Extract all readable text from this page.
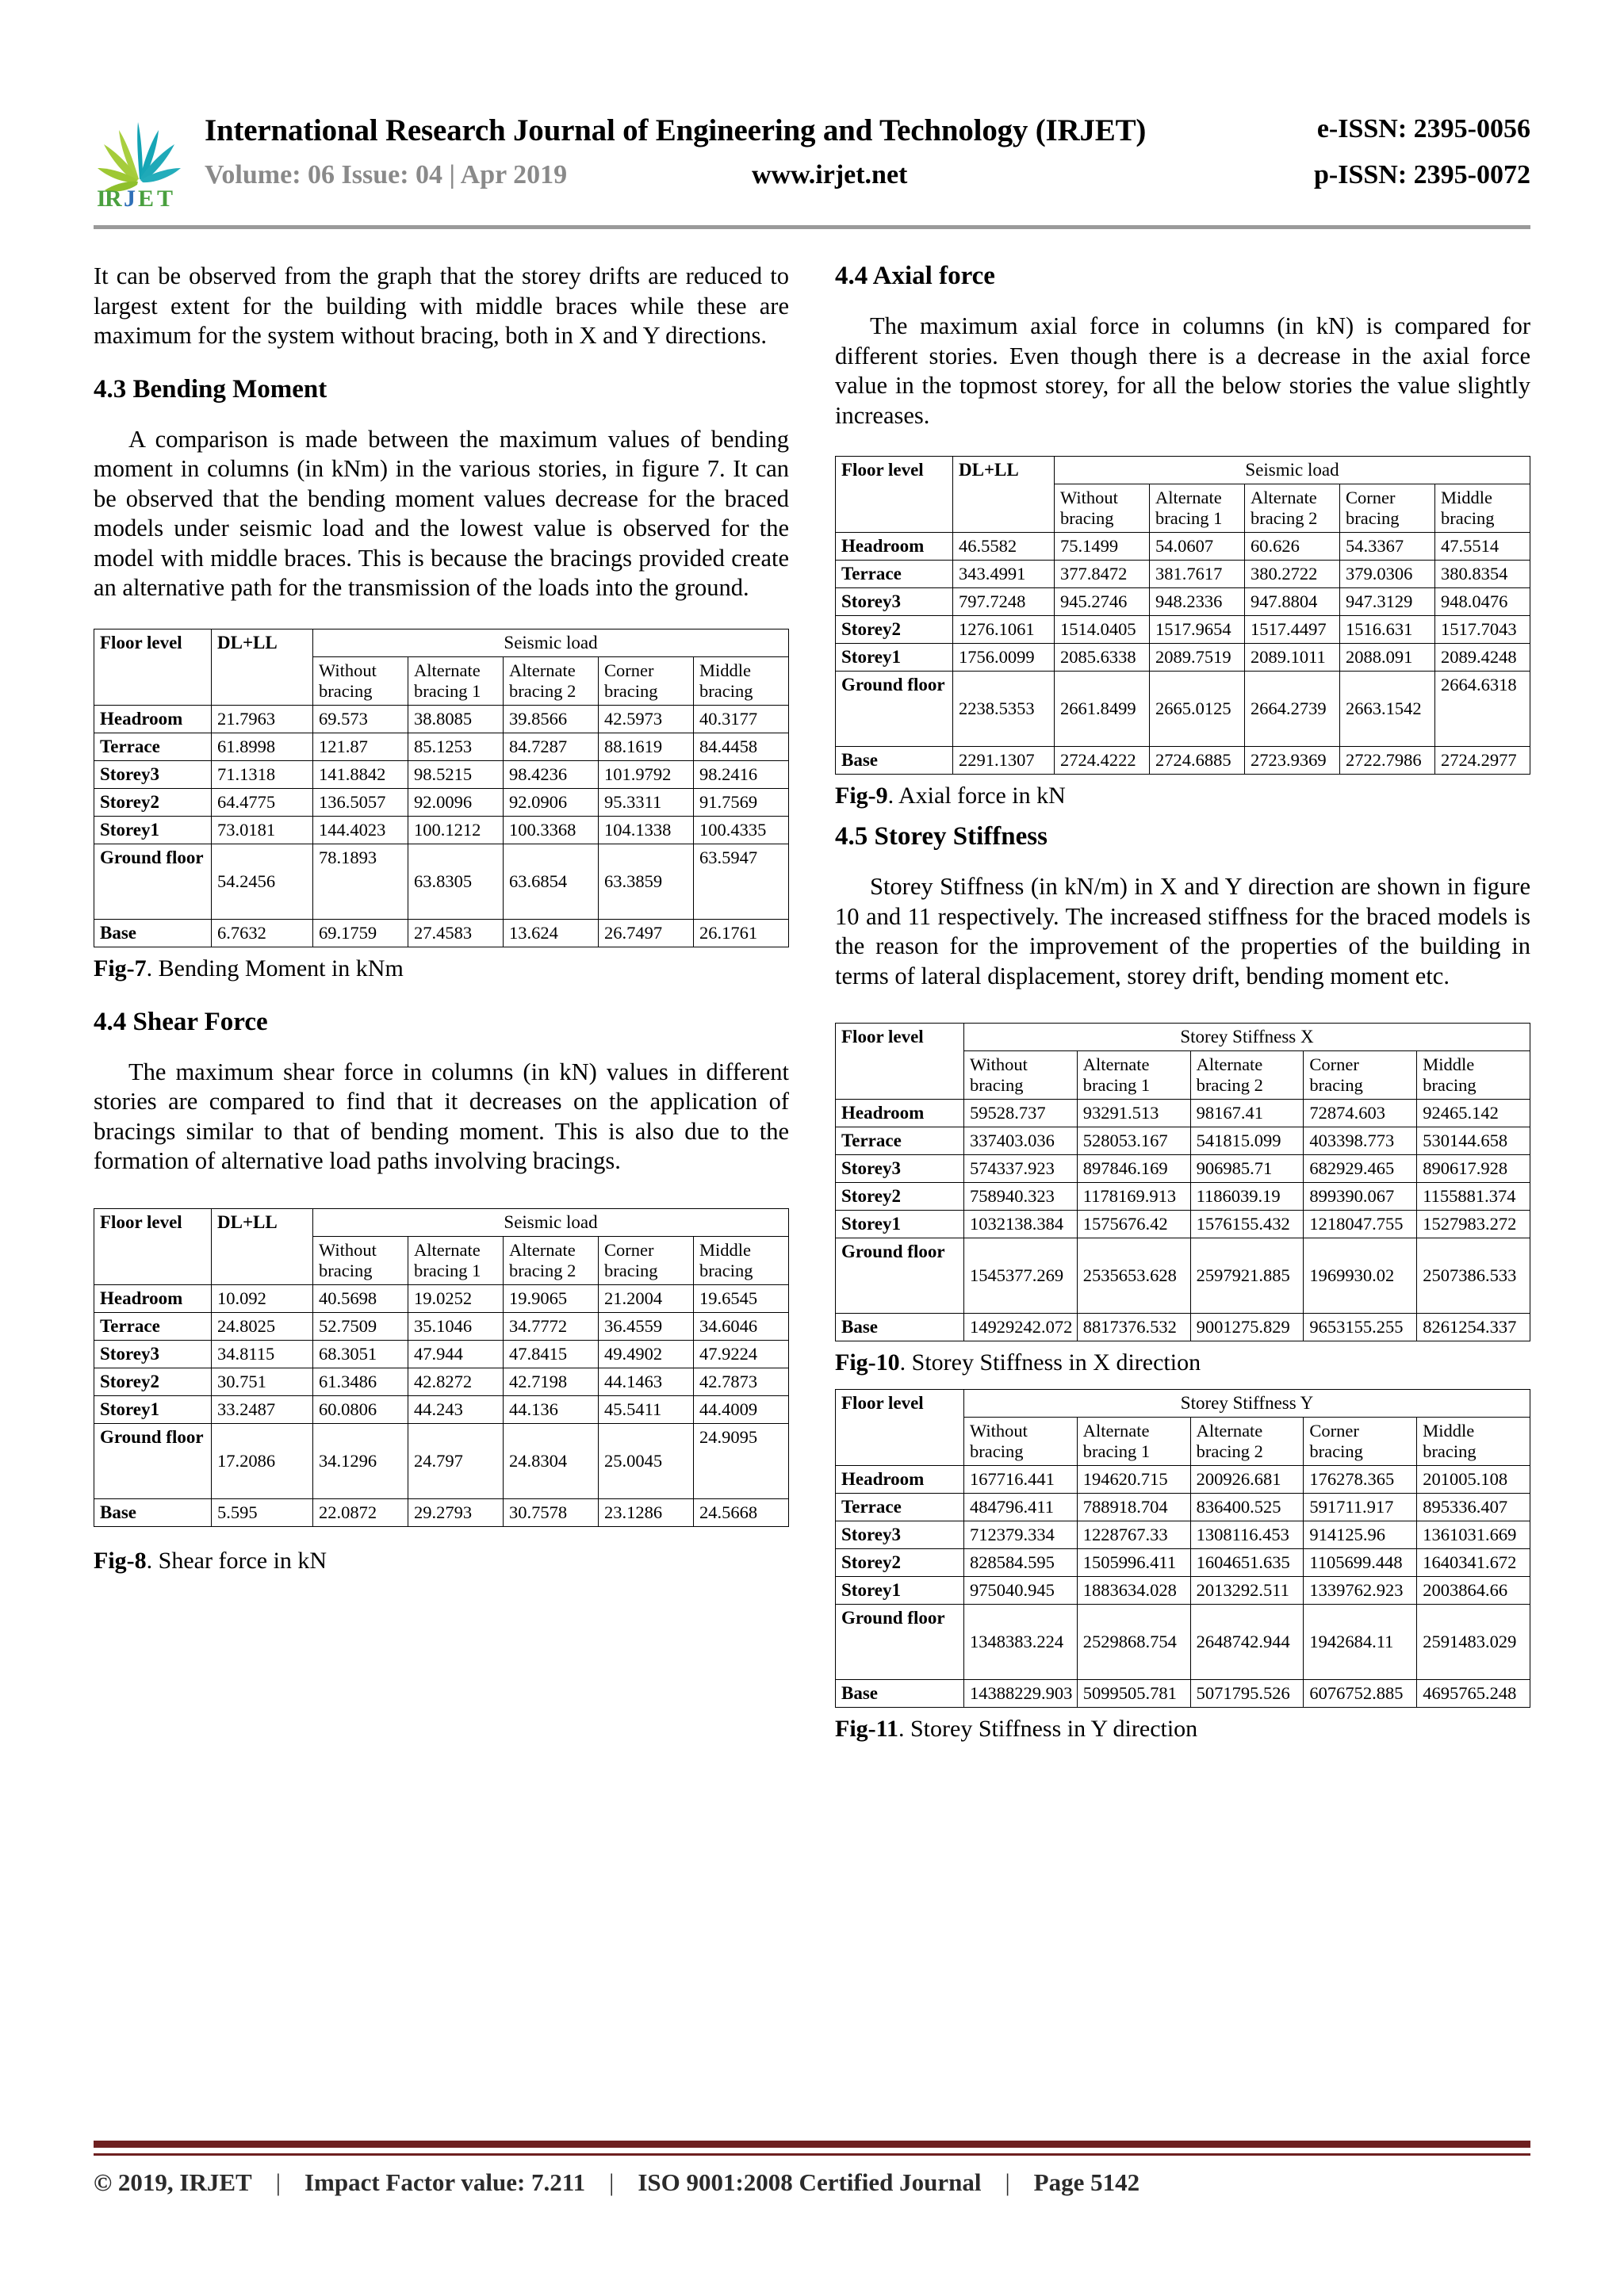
I
R J E T
International Research Journal of Engineering and Technology (IRJET)
Volume: 06 Issue: 04 | Apr 2019	www.irjet.net
e-ISSN: 2395-0056
p-ISSN: 2395-0072

It can be observed from the graph that the storey drifts are reduced to largest extent for the building with middle braces while these are maximum for the system without bracing, both in X and Y directions.

4.3 Bending Moment

A comparison is made between the maximum values of bending moment in columns (in kNm) in the various stories, in figure 7. It can be observed that the bending moment values decrease for the braced models under seismic load and the lowest value is observed for the model with middle braces. This is because the bracings provided create an alternative path for the transmission of the loads into the ground.

Floor level	DL+LL	Seismic load				
		Without bracing	Alternate bracing 1	Alternate bracing 2	Corner bracing	Middle bracing
Headroom	21.7963	69.573	38.8085	39.8566	42.5973	40.3177
Terrace	61.8998	121.87	85.1253	84.7287	88.1619	84.4458
Storey3	71.1318	141.8842	98.5215	98.4236	101.9792	98.2416
Storey2	64.4775	136.5057	92.0096	92.0906	95.3311	91.7569
Storey1	73.0181	144.4023	100.1212	100.3368	104.1338	100.4335
Ground floor	54.2456	78.1893	63.8305	63.6854	63.3859	63.5947
Base	6.7632	69.1759	27.4583	13.624	26.7497	26.1761
Fig-7. Bending Moment in kNm
4.4 Shear Force

The maximum shear force in columns (in kN) values in different stories are compared to find that it decreases on the application of bracings similar to that of bending moment. This is also due to the formation of alternative load paths involving bracings.

Floor level	DL+LL	Seismic load				
		Without bracing	Alternate bracing 1	Alternate bracing 2	Corner bracing	Middle bracing
Headroom	10.092	40.5698	19.0252	19.9065	21.2004	19.6545
Terrace	24.8025	52.7509	35.1046	34.7772	36.4559	34.6046
Storey3	34.8115	68.3051	47.944	47.8415	49.4902	47.9224
Storey2	30.751	61.3486	42.8272	42.7198	44.1463	42.7873
Storey1	33.2487	60.0806	44.243	44.136	45.5411	44.4009
Ground floor	17.2086	34.1296	24.797	24.8304	25.0045	24.9095
Base	5.595	22.0872	29.2793	30.7578	23.1286	24.5668
Fig-8. Shear force in kN
4.4 Axial force

The maximum axial force in columns (in kN) is compared for different stories. Even though there is a decrease in the axial force value in the topmost storey, for all the below stories the value slightly increases.

Floor level	DL+LL	Seismic load				
		Without bracing	Alternate bracing 1	Alternate bracing 2	Corner bracing	Middle bracing
Headroom	46.5582	75.1499	54.0607	60.626	54.3367	47.5514
Terrace	343.4991	377.8472	381.7617	380.2722	379.0306	380.8354
Storey3	797.7248	945.2746	948.2336	947.8804	947.3129	948.0476
Storey2	1276.1061	1514.0405	1517.9654	1517.4497	1516.631	1517.7043
Storey1	1756.0099	2085.6338	2089.7519	2089.1011	2088.091	2089.4248
Ground floor	2238.5353	2661.8499	2665.0125	2664.2739	2663.1542	2664.6318
Base	2291.1307	2724.4222	2724.6885	2723.9369	2722.7986	2724.2977
Fig-9. Axial force in kN
4.5 Storey Stiffness

Storey Stiffness (in kN/m) in X and Y direction are shown in figure 10 and 11 respectively. The increased stiffness for the braced models is the reason for the improvement of the properties of the building in terms of lateral displacement, storey drift, bending moment etc.

Floor level	Storey Stiffness X				
	Without bracing	Alternate bracing 1	Alternate bracing 2	Corner bracing	Middle bracing
Headroom	59528.737	93291.513	98167.41	72874.603	92465.142
Terrace	337403.036	528053.167	541815.099	403398.773	530144.658
Storey3	574337.923	897846.169	906985.71	682929.465	890617.928
Storey2	758940.323	1178169.913	1186039.19	899390.067	1155881.374
Storey1	1032138.384	1575676.42	1576155.432	1218047.755	1527983.272
Ground floor	1545377.269	2535653.628	2597921.885	1969930.02	2507386.533
Base	14929242.072	8817376.532	9001275.829	9653155.255	8261254.337
Fig-10. Storey Stiffness in X direction
Floor level	Storey Stiffness Y				
	Without bracing	Alternate bracing 1	Alternate bracing 2	Corner bracing	Middle bracing
Headroom	167716.441	194620.715	200926.681	176278.365	201005.108
Terrace	484796.411	788918.704	836400.525	591711.917	895336.407
Storey3	712379.334	1228767.33	1308116.453	914125.96	1361031.669
Storey2	828584.595	1505996.411	1604651.635	1105699.448	1640341.672
Storey1	975040.945	1883634.028	2013292.511	1339762.923	2003864.66
Ground floor	1348383.224	2529868.754	2648742.944	1942684.11	2591483.029
Base	14388229.903	5099505.781	5071795.526	6076752.885	4695765.248
Fig-11. Storey Stiffness in Y direction
© 2019, IRJET | Impact Factor value: 7.211 | ISO 9001:2008 Certified Journal | Page 5142
